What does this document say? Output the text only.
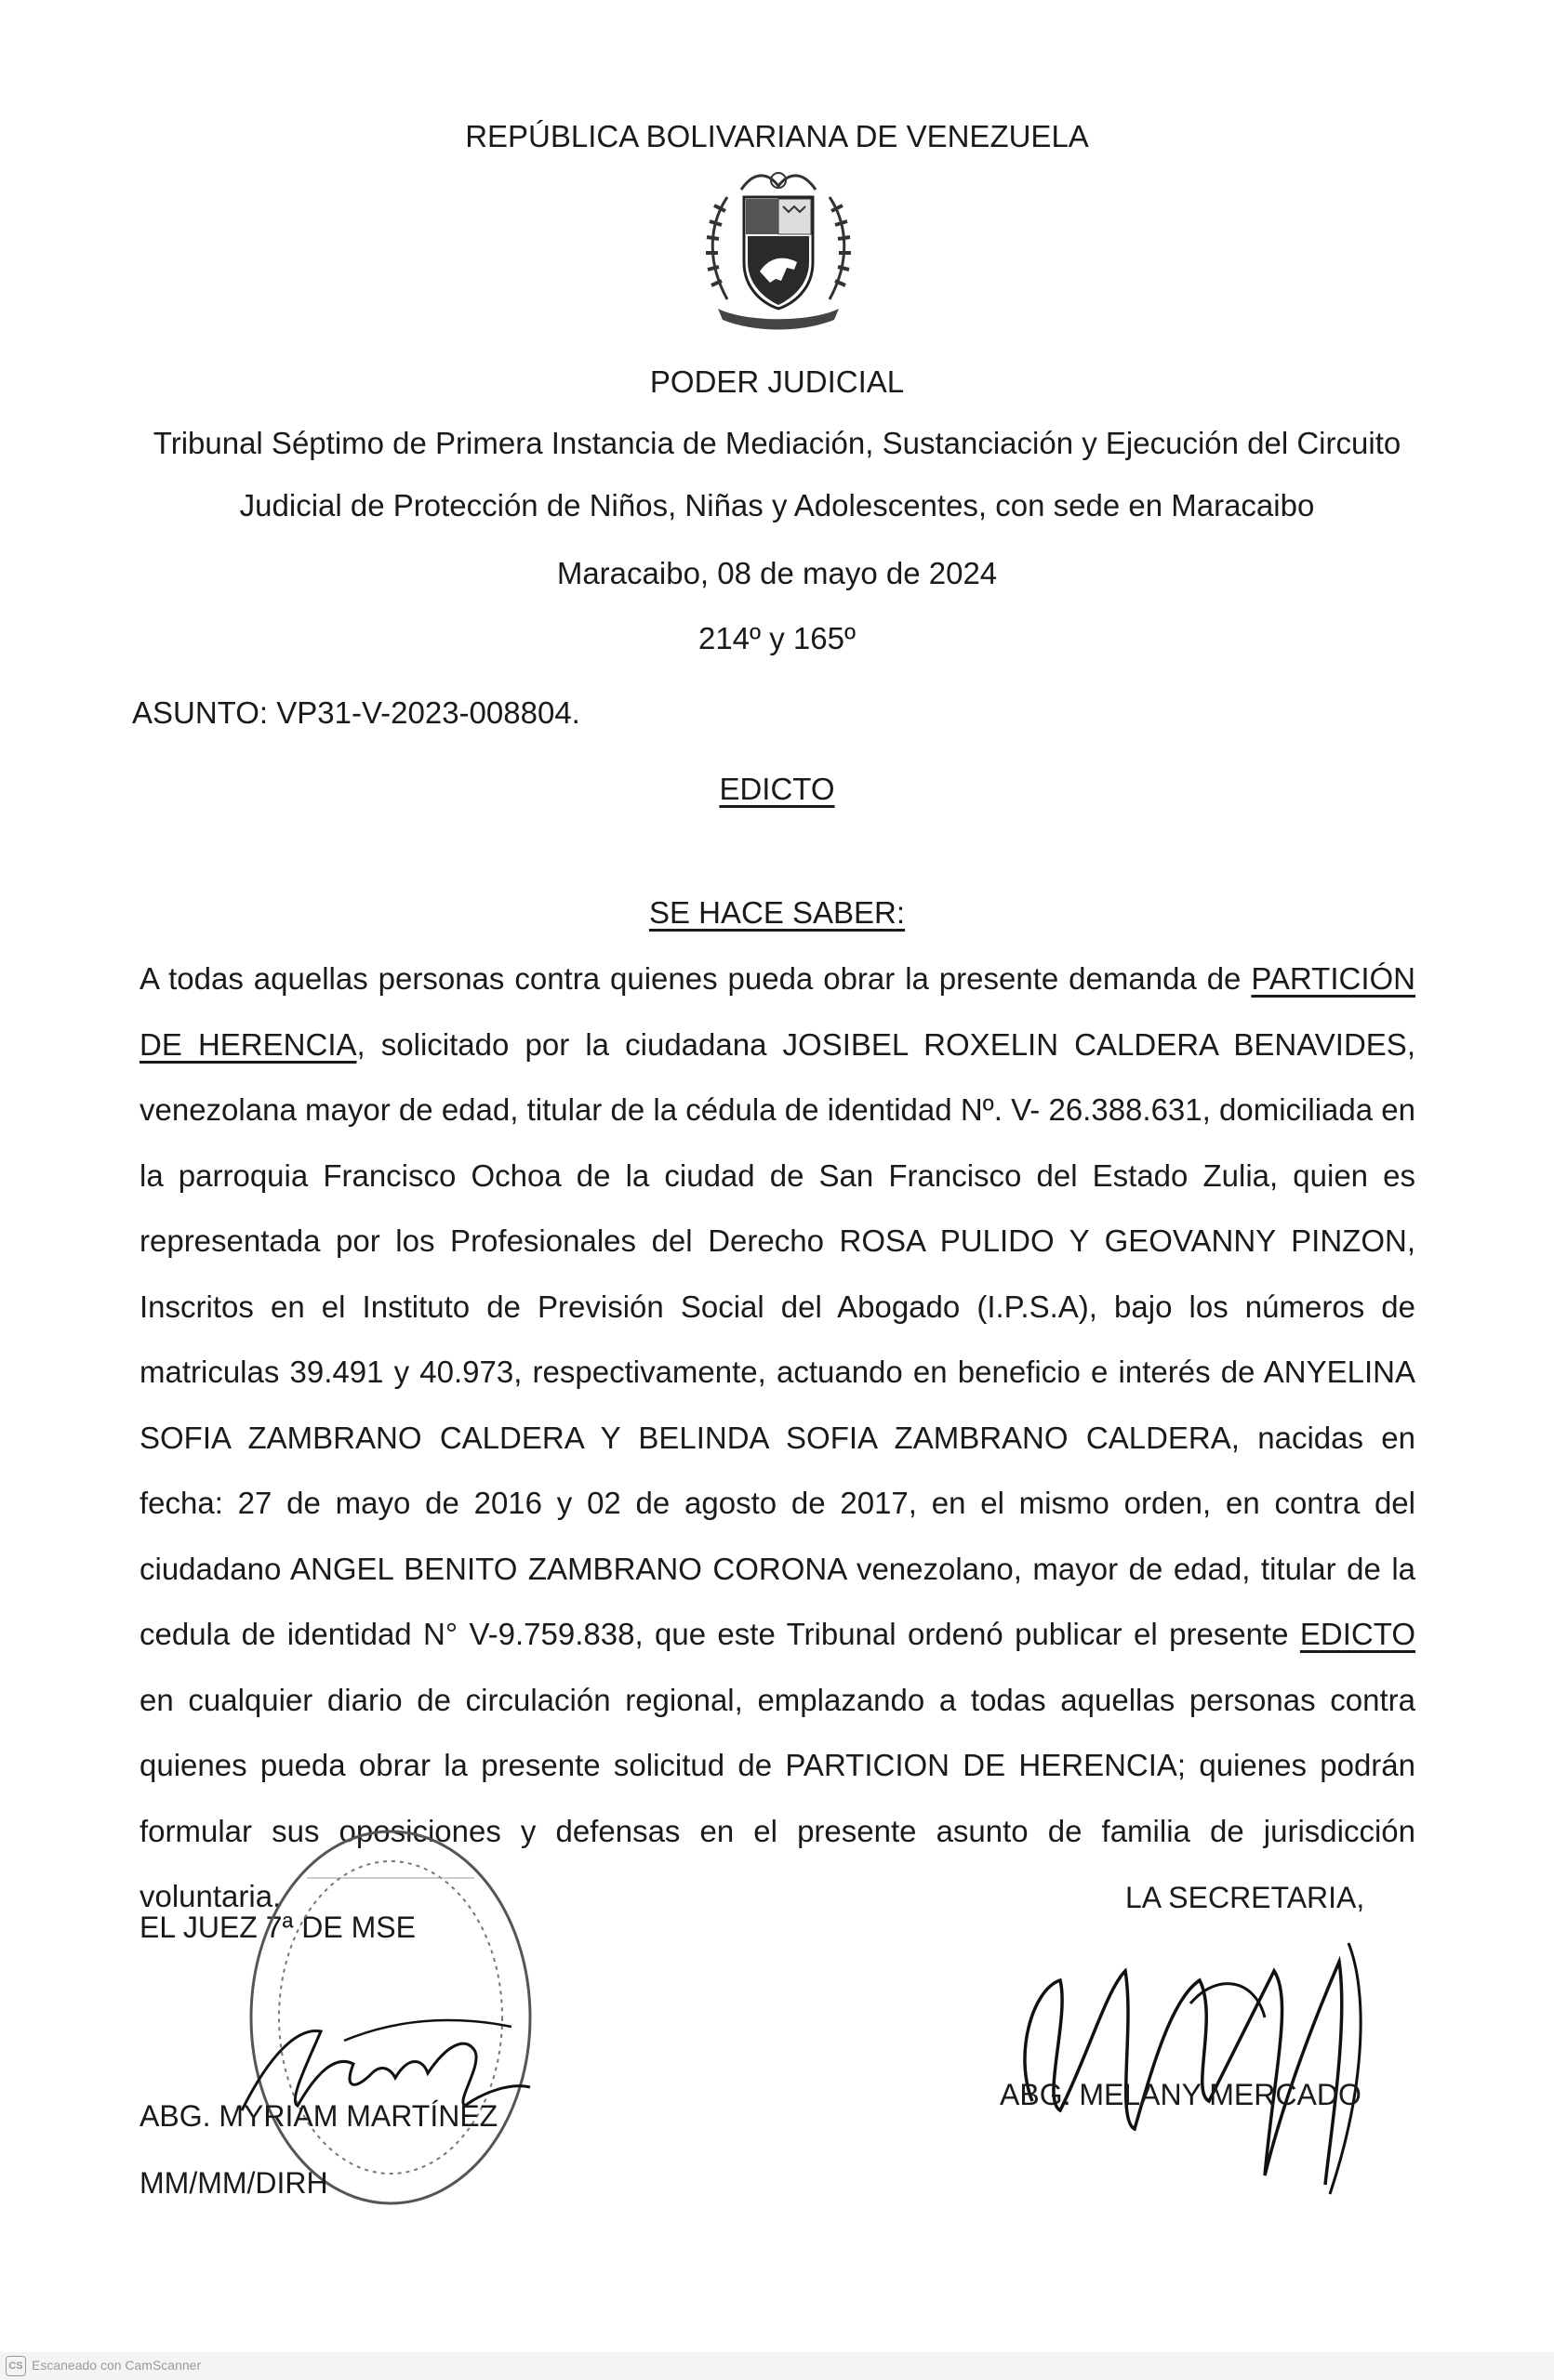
REPÚBLICA BOLIVARIANA DE VENEZUELA
PODER JUDICIAL
Tribunal Séptimo de Primera Instancia de Mediación, Sustanciación y Ejecución del Circuito
Judicial de Protección de Niños, Niñas y Adolescentes, con sede en Maracaibo
Maracaibo, 08 de mayo de 2024
214º y 165º
ASUNTO: VP31-V-2023-008804.
EDICTO
SE HACE SABER:
A todas aquellas personas contra quienes pueda obrar la presente demanda de PARTICIÓN DE HERENCIA, solicitado por la ciudadana JOSIBEL ROXELIN CALDERA BENAVIDES, venezolana mayor de edad, titular de la cédula de identidad Nº. V- 26.388.631, domiciliada en la parroquia Francisco Ochoa de la ciudad de San Francisco del Estado Zulia, quien es representada por los Profesionales del Derecho ROSA PULIDO Y GEOVANNY PINZON, Inscritos en el Instituto de Previsión Social del Abogado (I.P.S.A), bajo los números de matriculas 39.491 y 40.973, respectivamente, actuando en beneficio e interés de ANYELINA SOFIA ZAMBRANO CALDERA Y BELINDA SOFIA ZAMBRANO CALDERA, nacidas en fecha: 27 de mayo de 2016 y 02 de agosto de 2017, en el mismo orden, en contra del ciudadano ANGEL BENITO ZAMBRANO CORONA venezolano, mayor de edad, titular de la cedula de identidad N° V-9.759.838, que este Tribunal ordenó publicar el presente EDICTO en cualquier diario de circulación regional, emplazando a todas aquellas personas contra quienes pueda obrar la presente solicitud de PARTICION DE HERENCIA; quienes podrán formular sus oposiciones y defensas en el presente asunto de familia de jurisdicción voluntaria.
EL JUEZ 7ª DE MSE
ABG. MYRIAM MARTÍNEZ
MM/MM/DIRH
LA SECRETARIA,
ABG. MELANY MERCADO
CS Escaneado con CamScanner
